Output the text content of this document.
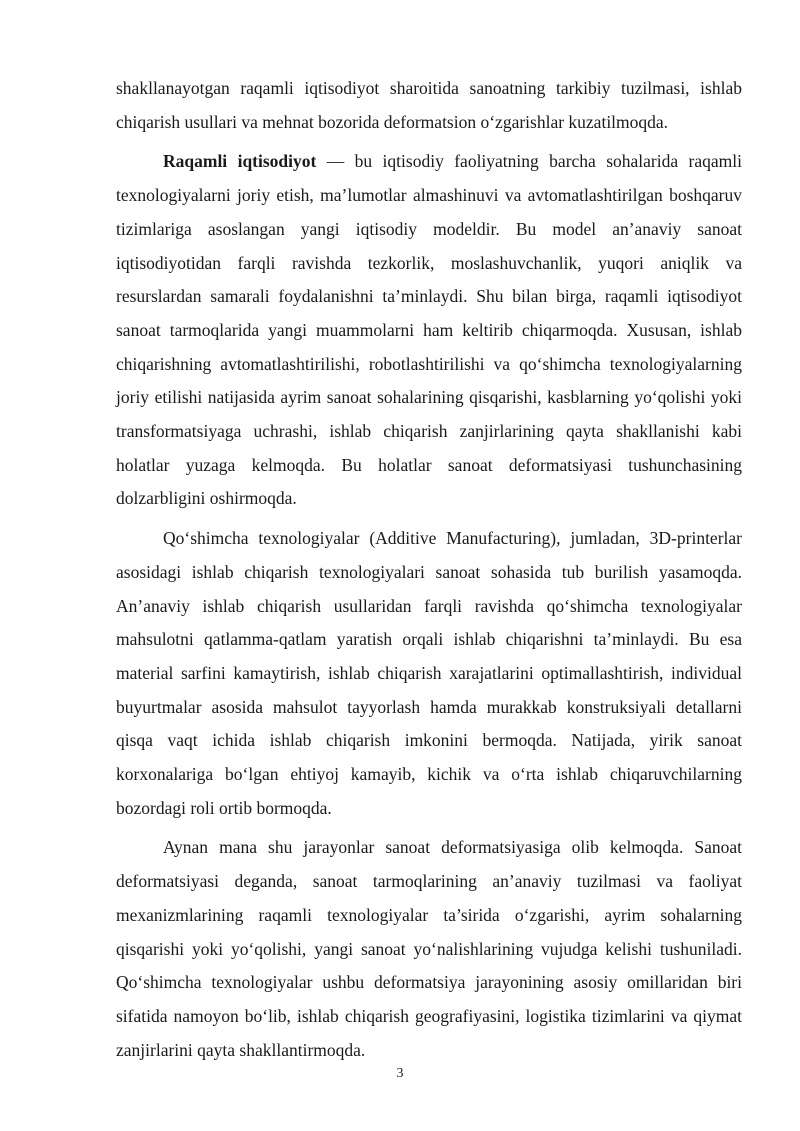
shakllanayotgan raqamli iqtisodiyot sharoitida sanoatning tarkibiy tuzilmasi, ishlab chiqarish usullari va mehnat bozorida deformatsion o‘zgarishlar kuzatilmoqda.

Raqamli iqtisodiyot — bu iqtisodiy faoliyatning barcha sohalarida raqamli texnologiyalarni joriy etish, ma’lumotlar almashinuvi va avtomatlashtirilgan boshqaruv tizimlariga asoslangan yangi iqtisodiy modeldir. Bu model an’anaviy sanoat iqtisodiyotidan farqli ravishda tezkorlik, moslashuvchanlik, yuqori aniqlik va resurslardan samarali foydalanishni ta’minlaydi. Shu bilan birga, raqamli iqtisodiyot sanoat tarmoqlarida yangi muammolarni ham keltirib chiqarmoqda. Xususan, ishlab chiqarishning avtomatlashtirilishi, robotlashtirilishi va qo‘shimcha texnologiyalarning joriy etilishi natijasida ayrim sanoat sohalarining qisqarishi, kasblarning yo‘qolishi yoki transformatsiyaga uchrashi, ishlab chiqarish zanjirlarining qayta shakllanishi kabi holatlar yuzaga kelmoqda. Bu holatlar sanoat deformatsiyasi tushunchasining dolzarbligini oshirmoqda.

Qo‘shimcha texnologiyalar (Additive Manufacturing), jumladan, 3D-printerlar asosidagi ishlab chiqarish texnologiyalari sanoat sohasida tub burilish yasamoqda. An’anaviy ishlab chiqarish usullaridan farqli ravishda qo‘shimcha texnologiyalar mahsulotni qatlamma-qatlam yaratish orqali ishlab chiqarishni ta’minlaydi. Bu esa material sarfini kamaytirish, ishlab chiqarish xarajatlarini optimallashtirish, individual buyurtmalar asosida mahsulot tayyorlash hamda murakkab konstruksiyali detallarni qisqa vaqt ichida ishlab chiqarish imkonini bermoqda. Natijada, yirik sanoat korxonalariga bo‘lgan ehtiyoj kamayib, kichik va o‘rta ishlab chiqaruvchilarning bozordagi roli ortib bormoqda.

Aynan mana shu jarayonlar sanoat deformatsiyasiga olib kelmoqda. Sanoat deformatsiyasi deganda, sanoat tarmoqlarining an’anaviy tuzilmasi va faoliyat mexanizmlarining raqamli texnologiyalar ta’sirida o‘zgarishi, ayrim sohalarning qisqarishi yoki yo‘qolishi, yangi sanoat yo‘nalishlarining vujudga kelishi tushuniladi. Qo‘shimcha texnologiyalar ushbu deformatsiya jarayonining asosiy omillaridan biri sifatida namoyon bo‘lib, ishlab chiqarish geografiyasini, logistika tizimlarini va qiymat zanjirlarini qayta shakllantirmoqda.

3
